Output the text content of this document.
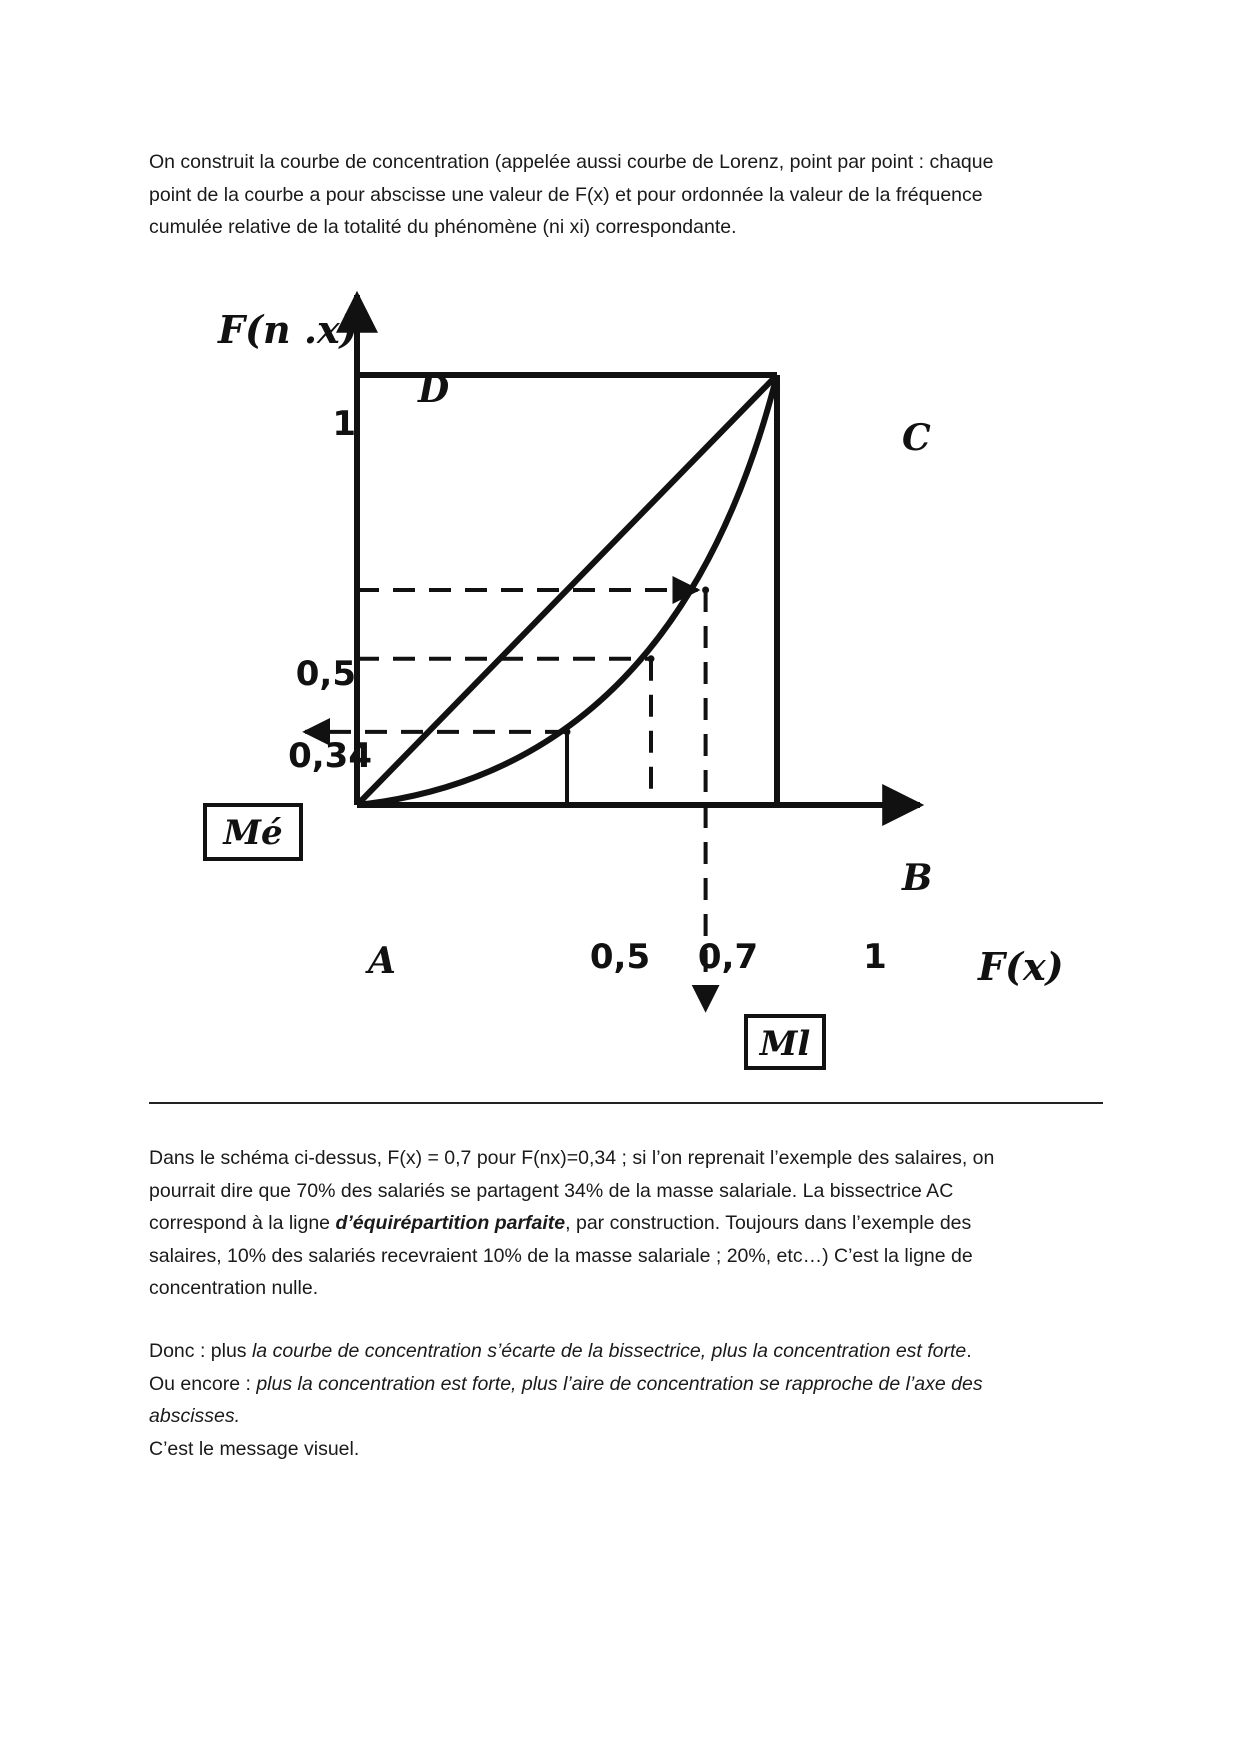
On construit la courbe de concentration (appelée aussi courbe de Lorenz, point par point : chaque
point de la courbe a pour abscisse une valeur de F(x) et pour ordonnée la valeur de la fréquence
cumulée relative de la totalité du phénomène (ni xi) correspondante.

F(n .x)
F(x)
D
C
B
A
1
0,5
0,34
0,5 0,7	1
Mé
Ml

Dans le schéma ci-dessus, F(x) = 0,7 pour F(nx)=0,34 ; si l’on reprenait l’exemple des salaires, on
pourrait dire que 70% des salariés se partagent 34% de la masse salariale. La bissectrice AC
correspond à la ligne d’équirépartition parfaite, par construction. Toujours dans l’exemple des
salaires, 10% des salariés recevraient 10% de la masse salariale ; 20%, etc…) C’est la ligne de
concentration nulle.

Donc : plus la courbe de concentration s’écarte de la bissectrice, plus la concentration est forte.
Ou encore : plus la concentration est forte, plus l’aire de concentration se rapproche de l’axe des
abscisses.
C’est le message visuel.
